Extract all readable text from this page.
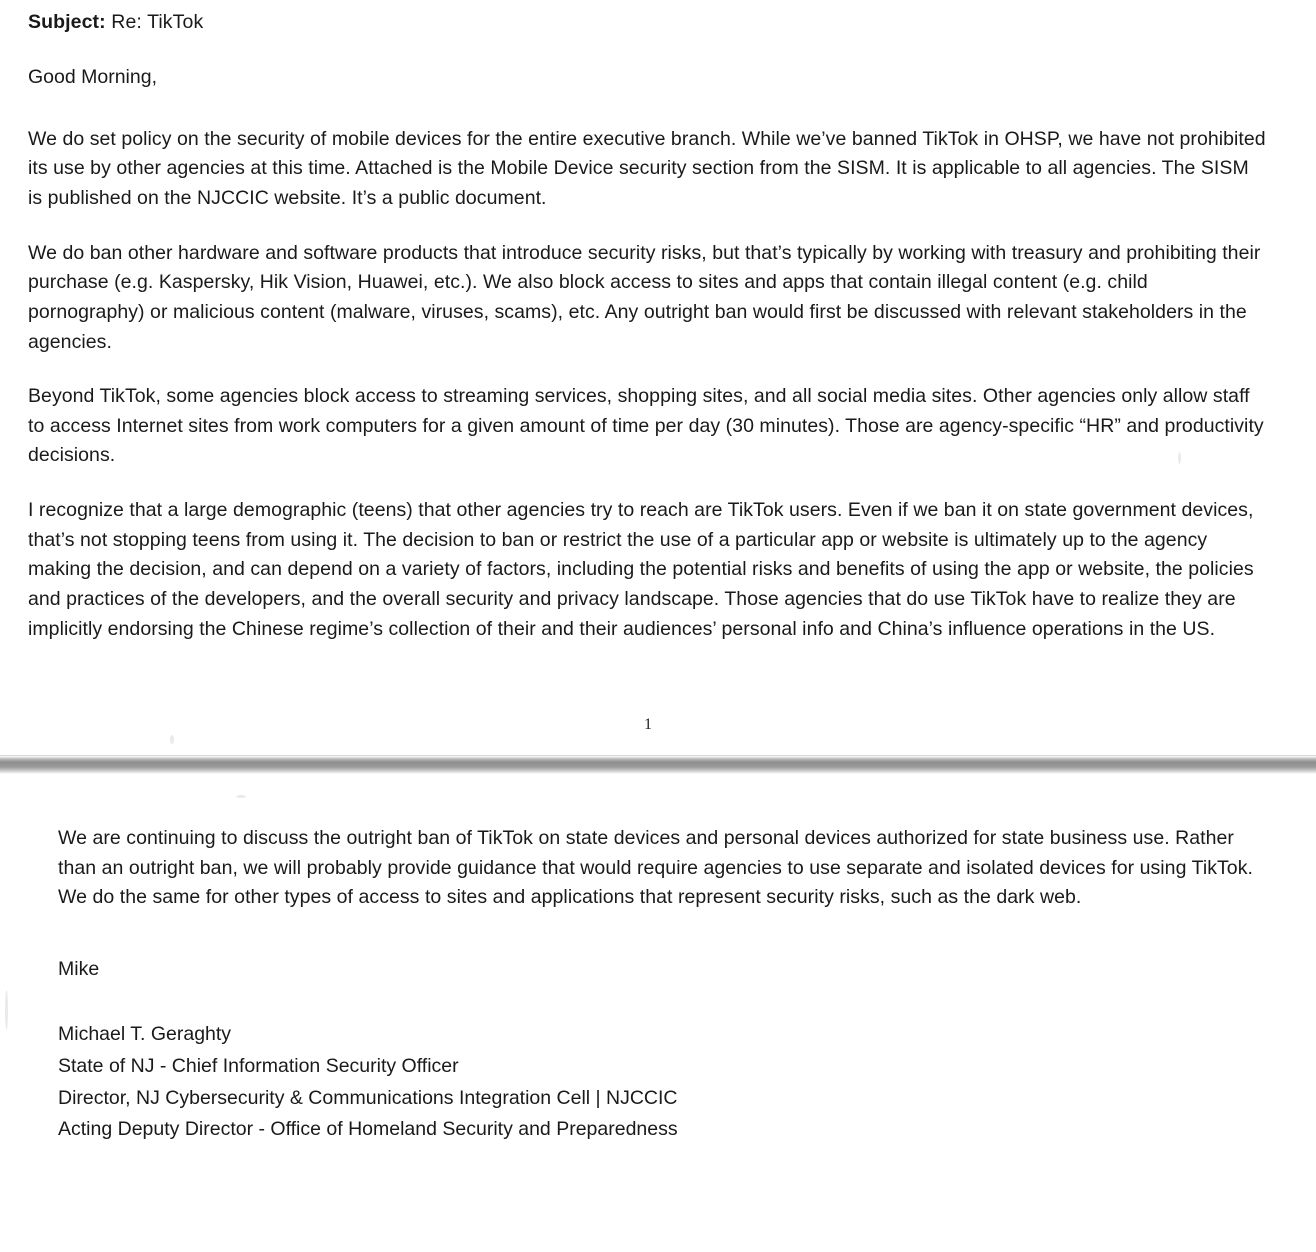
Subject: Re: TikTok

Good Morning,

We do set policy on the security of mobile devices for the entire executive branch. While we’ve banned TikTok in OHSP, we have not prohibited its use by other agencies at this time. Attached is the Mobile Device security section from the SISM. It is applicable to all agencies. The SISM is published on the NJCCIC website. It’s a public document.

We do ban other hardware and software products that introduce security risks, but that’s typically by working with treasury and prohibiting their purchase (e.g. Kaspersky, Hik Vision, Huawei, etc.). We also block access to sites and apps that contain illegal content (e.g. child pornography) or malicious content (malware, viruses, scams), etc. Any outright ban would first be discussed with relevant stakeholders in the agencies.

Beyond TikTok, some agencies block access to streaming services, shopping sites, and all social media sites. Other agencies only allow staff to access Internet sites from work computers for a given amount of time per day (30 minutes). Those are agency-specific “HR” and productivity decisions.

I recognize that a large demographic (teens) that other agencies try to reach are TikTok users. Even if we ban it on state government devices, that’s not stopping teens from using it. The decision to ban or restrict the use of a particular app or website is ultimately up to the agency making the decision, and can depend on a variety of factors, including the potential risks and benefits of using the app or website, the policies and practices of the developers, and the overall security and privacy landscape. Those agencies that do use TikTok have to realize they are implicitly endorsing the Chinese regime’s collection of their and their audiences’ personal info and China’s influence operations in the US.

1

We are continuing to discuss the outright ban of TikTok on state devices and personal devices authorized for state business use. Rather than an outright ban, we will probably provide guidance that would require agencies to use separate and isolated devices for using TikTok. We do the same for other types of access to sites and applications that represent security risks, such as the dark web.

Mike

Michael T. Geraghty
State of NJ - Chief Information Security Officer
Director, NJ Cybersecurity & Communications Integration Cell | NJCCIC
Acting Deputy Director - Office of Homeland Security and Preparedness
